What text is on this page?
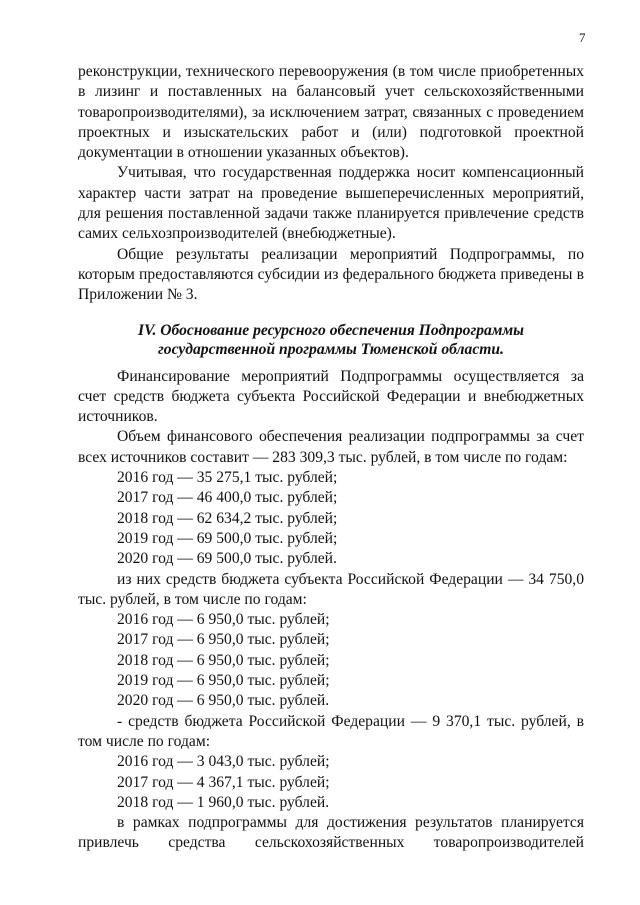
7

реконструкции, технического перевооружения (в том числе приобретенных в лизинг и поставленных на балансовый учет сельскохозяйственными товаропроизводителями), за исключением затрат, связанных с проведением проектных и изыскательских работ и (или) подготовкой проектной документации в отношении указанных объектов).

Учитывая, что государственная поддержка носит компенсационный характер части затрат на проведение вышеперечисленных мероприятий, для решения поставленной задачи также планируется привлечение средств самих сельхозпроизводителей (внебюджетные).

Общие результаты реализации мероприятий Подпрограммы, по которым предоставляются субсидии из федерального бюджета приведены в Приложении № 3.

IV. Обоснование ресурсного обеспечения Подпрограммы
государственной программы Тюменской области.

Финансирование мероприятий Подпрограммы осуществляется за счет средств бюджета субъекта Российской Федерации и внебюджетных источников.

Объем финансового обеспечения реализации подпрограммы за счет всех источников составит — 283 309,3 тыс. рублей, в том числе по годам:

2016 год — 35 275,1 тыс. рублей;
2017 год — 46 400,0 тыс. рублей;
2018 год — 62 634,2 тыс. рублей;
2019 год — 69 500,0 тыс. рублей;
2020 год — 69 500,0 тыс. рублей.

из них средств бюджета субъекта Российской Федерации — 34 750,0 тыс. рублей, в том числе по годам:

2016 год — 6 950,0 тыс. рублей;
2017 год — 6 950,0 тыс. рублей;
2018 год — 6 950,0 тыс. рублей;
2019 год — 6 950,0 тыс. рублей;
2020 год — 6 950,0 тыс. рублей.

- средств бюджета Российской Федерации — 9 370,1 тыс. рублей, в том числе по годам:

2016 год — 3 043,0 тыс. рублей;
2017 год — 4 367,1 тыс. рублей;
2018 год — 1 960,0 тыс. рублей.

в рамках подпрограммы для достижения результатов планируется

привлечь средства сельскохозяйственных товаропроизводителей
